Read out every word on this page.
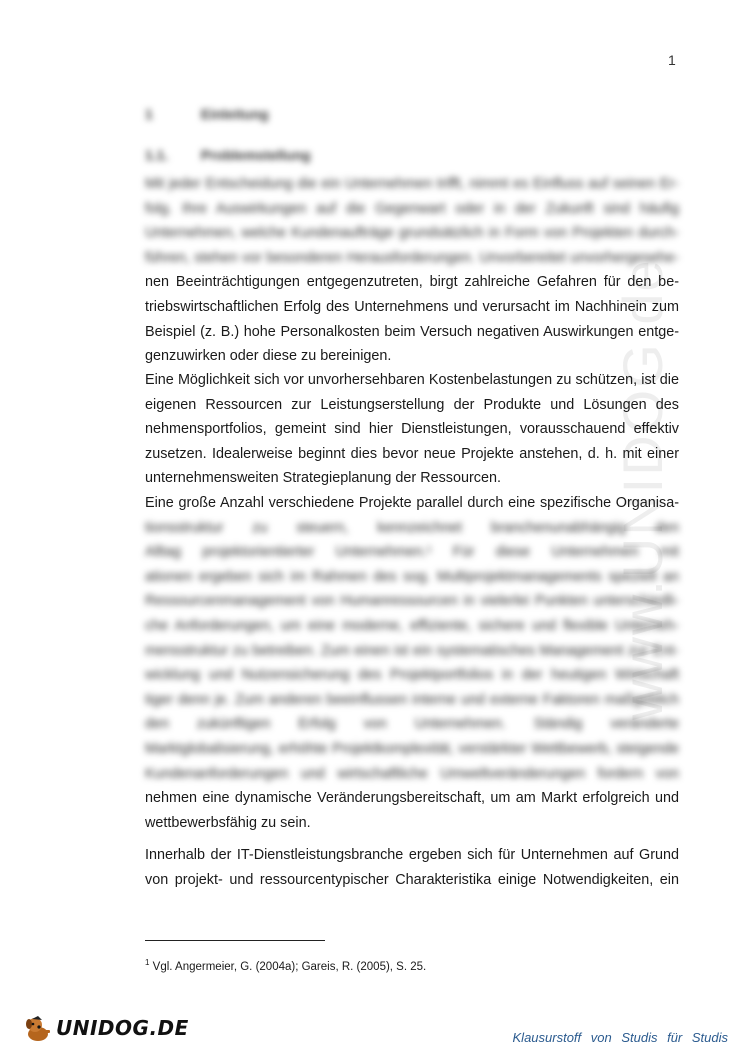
1
www.UNIDOG.de
1	Einleitung
1.1. Problemstellung
Mit jeder Entscheidung die ein Unternehmen trifft, nimmt es Einfluss auf seinen Er-
folg. Ihre Auswirkungen auf die Gegenwart oder in der Zukunft sind häufig
Unternehmen, welche Kundenaufträge grundsätzlich in Form von Projekten durch-
führen, stehen vor besonderen Herausforderungen. Unvorbereitet unvorhergesehe-
nen Beeinträchtigungen entgegenzutreten, birgt zahlreiche Gefahren für den be-
triebswirtschaftlichen Erfolg des Unternehmens und verursacht im Nachhinein zum
Beispiel (z. B.) hohe Personalkosten beim Versuch negativen Auswirkungen entge-
genzuwirken oder diese zu bereinigen.
Eine Möglichkeit sich vor unvorhersehbaren Kostenbelastungen zu schützen, ist die
eigenen Ressourcen zur Leistungserstellung der Produkte und Lösungen des
nehmensportfolios, gemeint sind hier Dienstleistungen, vorausschauend effektiv
zusetzen. Idealerweise beginnt dies bevor neue Projekte anstehen, d. h. mit einer
unternehmensweiten Strategieplanung der Ressourcen.
Eine große Anzahl verschiedene Projekte parallel durch eine spezifische Organisa-
tionsstruktur zu steuern, kennzeichnet branchenunabhängig den
Alltag projektorientierter Unternehmen.¹ Für diese Unternehmen mit
ationen ergeben sich im Rahmen des sog. Multiprojektmanagements speziell an
Ressourcenmanagement von Humanressourcen in vielerlei Punkten unterschiedli-
che Anforderungen, um eine moderne, effiziente, sichere und flexible Unterneh-
mensstruktur zu betreiben. Zum einen ist ein systematisches Management zur Ent-
wicklung und Nutzensicherung des Projektportfolios in der heutigen Wirtschaft
tiger denn je. Zum anderen beeinflussen interne und externe Faktoren maßgeblich
den zukünftigen Erfolg von Unternehmen. Ständig veränderte
Marktglobalisierung, erhöhte Projektkomplexität, verstärkter Wettbewerb, steigende
Kundenanforderungen und wirtschaftliche Umweltveränderungen fordern von
nehmen eine dynamische Veränderungsbereitschaft, um am Markt erfolgreich und
wettbewerbsfähig zu sein.
Innerhalb der IT-Dienstleistungsbranche ergeben sich für Unternehmen auf Grund
von projekt- und ressourcentypischer Charakteristika einige Notwendigkeiten, ein
$^1$ Vgl. Angermeier, G. (2004a); Gareis, R. (2005), S. 25.
UNIDOG.DE	Klausurstoff von Studis für Studis
